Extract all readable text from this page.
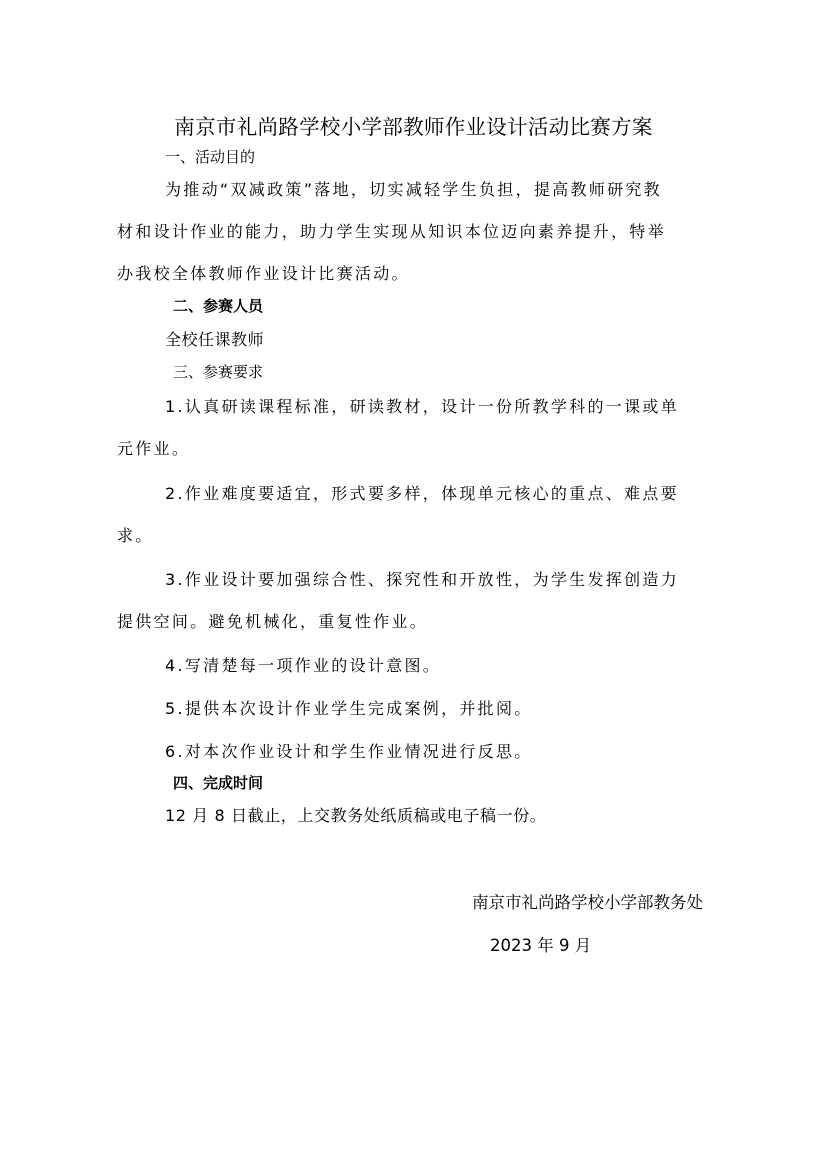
南京市礼尚路学校小学部教师作业设计活动比赛方案
一、活动目的
为推动“双减政策”落地，切实减轻学生负担，提高教师研究教
材和设计作业的能力，助力学生实现从知识本位迈向素养提升，特举
办我校全体教师作业设计比赛活动。
二、参赛人员
全校任课教师
三、参赛要求
1.认真研读课程标准，研读教材，设计一份所教学科的一课或单
元作业。
2.作业难度要适宜，形式要多样，体现单元核心的重点、难点要
求。
3.作业设计要加强综合性、探究性和开放性，为学生发挥创造力
提供空间。避免机械化，重复性作业。
4.写清楚每一项作业的设计意图。
5.提供本次设计作业学生完成案例，并批阅。
6.对本次作业设计和学生作业情况进行反思。
四、完成时间
12 月 8 日截止，上交教务处纸质稿或电子稿一份。
南京市礼尚路学校小学部教务处
2023 年 9 月
